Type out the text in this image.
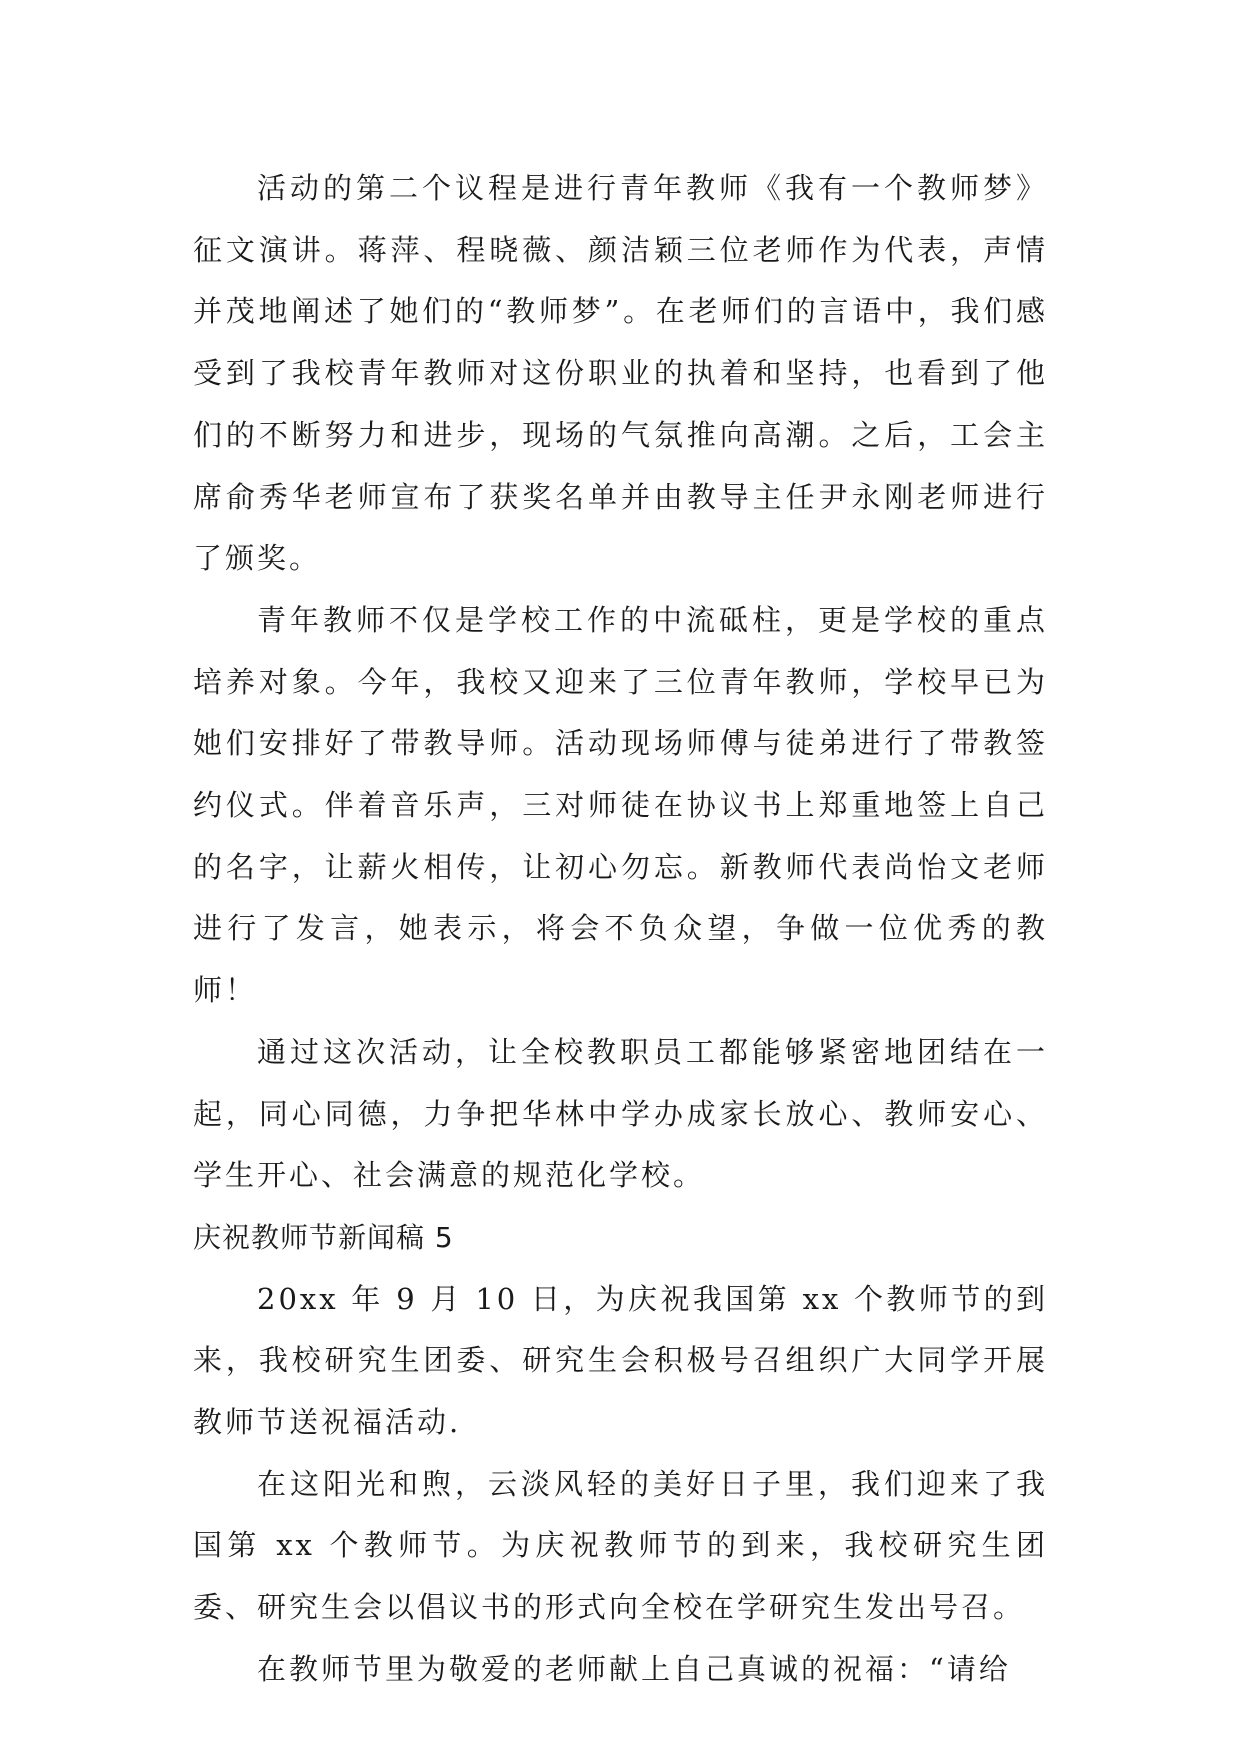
活动的第二个议程是进行青年教师《我有一个教师梦》征文演讲。蒋萍、程晓薇、颜洁颖三位老师作为代表，声情并茂地阐述了她们的“教师梦”。在老师们的言语中，我们感受到了我校青年教师对这份职业的执着和坚持，也看到了他们的不断努力和进步，现场的气氛推向高潮。之后，工会主席俞秀华老师宣布了获奖名单并由教导主任尹永刚老师进行了颁奖。

青年教师不仅是学校工作的中流砥柱，更是学校的重点培养对象。今年，我校又迎来了三位青年教师，学校早已为她们安排好了带教导师。活动现场师傅与徒弟进行了带教签约仪式。伴着音乐声，三对师徒在协议书上郑重地签上自己的名字，让薪火相传，让初心勿忘。新教师代表尚怡文老师进行了发言，她表示，将会不负众望，争做一位优秀的教师！

通过这次活动，让全校教职员工都能够紧密地团结在一起，同心同德，力争把华林中学办成家长放心、教师安心、学生开心、社会满意的规范化学校。

庆祝教师节新闻稿 5

20xx 年 9 月 10 日，为庆祝我国第 xx 个教师节的到来，我校研究生团委、研究生会积极号召组织广大同学开展教师节送祝福活动.

在这阳光和煦，云淡风轻的美好日子里，我们迎来了我国第 xx 个教师节。为庆祝教师节的到来，我校研究生团委、研究生会以倡议书的形式向全校在学研究生发出号召。

在教师节里为敬爱的老师献上自己真诚的祝福：“请给
